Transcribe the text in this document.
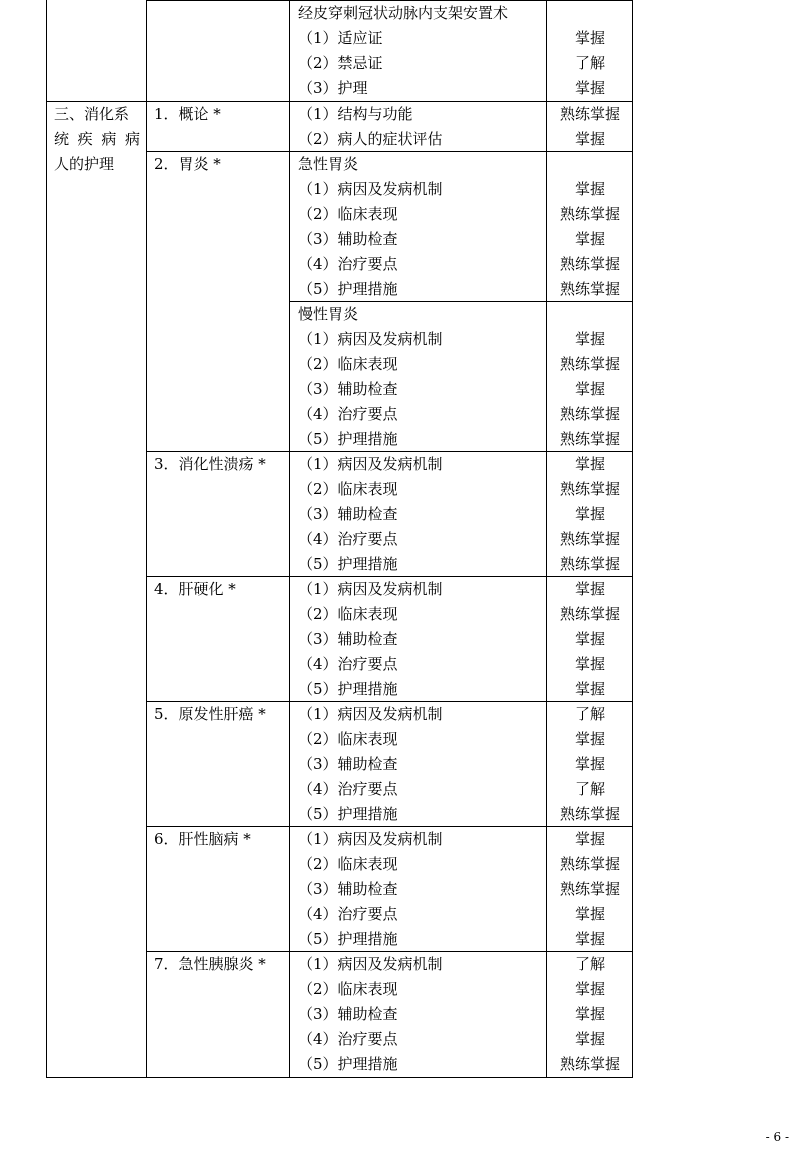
经皮穿刺冠状动脉内支架安置术
（1）适应证	掌握
（2）禁忌证	了解
（3）护理	掌握
三、消化系
统 疾 病 病
人的护理
1．概论 *	（1）结构与功能	熟练掌握
（2）病人的症状评估	掌握
2．胃炎 *	急性胃炎
（1）病因及发病机制	掌握
（2）临床表现	熟练掌握
（3）辅助检查	掌握
（4）治疗要点	熟练掌握
（5）护理措施	熟练掌握
慢性胃炎
（1）病因及发病机制	掌握
（2）临床表现	熟练掌握
（3）辅助检查	掌握
（4）治疗要点	熟练掌握
（5）护理措施	熟练掌握
3．消化性溃疡 * （1）病因及发病机制	掌握
（2）临床表现	熟练掌握
（3）辅助检查	掌握
（4）治疗要点	熟练掌握
（5）护理措施	熟练掌握
4．肝硬化 *	（1）病因及发病机制	掌握
（2）临床表现	熟练掌握
（3）辅助检查	掌握
（4）治疗要点	掌握
（5）护理措施	掌握
5．原发性肝癌 * （1）病因及发病机制	了解
（2）临床表现	掌握
（3）辅助检查	掌握
（4）治疗要点	了解
（5）护理措施	熟练掌握
6．肝性脑病 *	（1）病因及发病机制	掌握
（2）临床表现	熟练掌握
（3）辅助检查	熟练掌握
（4）治疗要点	掌握
（5）护理措施	掌握
7．急性胰腺炎 * （1）病因及发病机制	了解
（2）临床表现	掌握
（3）辅助检查	掌握
（4）治疗要点	掌握
（5）护理措施	熟练掌握
- 6 -
